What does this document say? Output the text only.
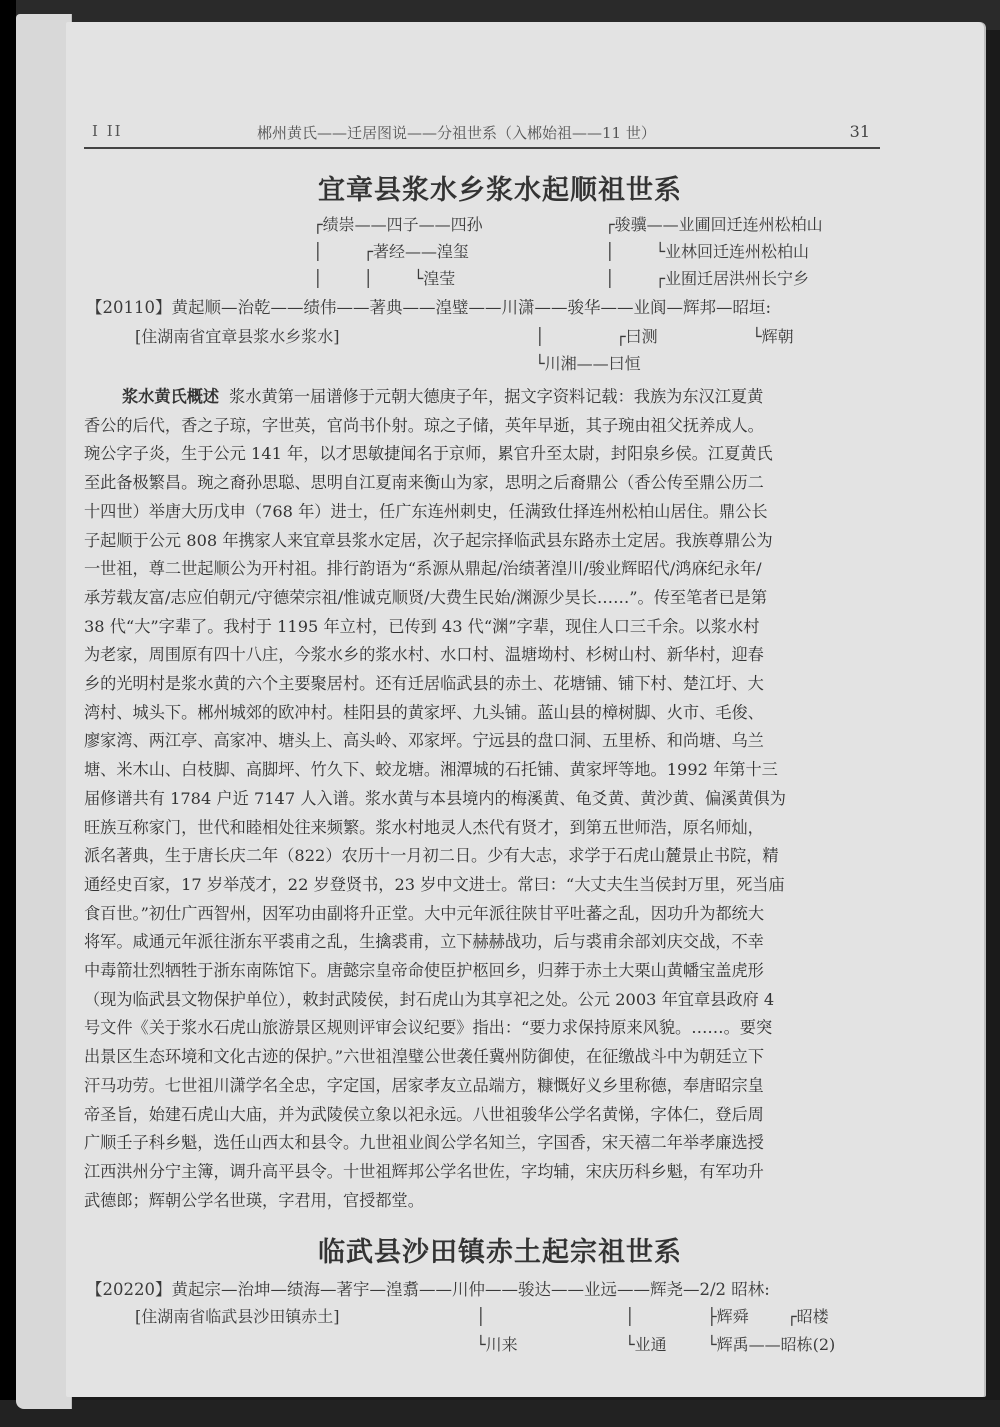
I II	郴州黄氏——迁居图说——分祖世系（入郴始祖——11 世）	31
宜章县浆水乡浆水起顺祖世系
┌绩崇——四子——四孙
│        ┌著经——湟玺
│        │        └湟莹
┌骏骥——业圃回迁连州松柏山
│        └业林回迁连州松柏山
│        ┌业囿迁居洪州长宁乡
【20110】黄起顺—治乾——绩伟——著典——湟璧——川潇——骏华——业阆—辉邦—昭垣:
[住湖南省宜章县浆水乡浆水]	│	┌曰测	└辉朝
└川湘——曰恒
浆水黄氏概述 浆水黄第一届谱修于元朝大德庚子年，据文字资料记载：我族为东汉江夏黄
香公的后代，香之子琼，字世英，官尚书仆射。琼之子储，英年早逝，其子琬由祖父抚养成人。
琬公字子炎，生于公元 141 年，以才思敏捷闻名于京师，累官升至太尉，封阳泉乡侯。江夏黄氏
至此备极繁昌。琬之裔孙思聪、思明自江夏南来衡山为家，思明之后裔鼎公（香公传至鼎公历二
十四世）举唐大历戊申（768 年）进士，任广东连州刺史，任满致仕择连州松柏山居住。鼎公长
子起顺于公元 808 年携家人来宜章县浆水定居，次子起宗择临武县东路赤土定居。我族尊鼎公为
一世祖，尊二世起顺公为开村祖。排行韵语为“系源从鼎起/治绩著湟川/骏业辉昭代/鸿庥纪永年/
承芳载友富/志应伯朝元/守德荣宗祖/惟诚克顺贤/大费生民始/渊源少昊长……”。传至笔者已是第
38 代“大”字辈了。我村于 1195 年立村，已传到 43 代“渊”字辈，现住人口三千余。以浆水村
为老家，周围原有四十八庄，今浆水乡的浆水村、水口村、温塘坳村、杉树山村、新华村，迎春
乡的光明村是浆水黄的六个主要聚居村。还有迁居临武县的赤土、花塘铺、铺下村、楚江圩、大
湾村、城头下。郴州城郊的欧冲村。桂阳县的黄家坪、九头铺。蓝山县的樟树脚、火市、毛俊、
廖家湾、两江亭、高家冲、塘头上、高头岭、邓家坪。宁远县的盘口洞、五里桥、和尚塘、乌兰
塘、米木山、白枝脚、高脚坪、竹久下、蛟龙塘。湘潭城的石托铺、黄家坪等地。1992 年第十三
届修谱共有 1784 户近 7147 人入谱。浆水黄与本县境内的梅溪黄、龟爻黄、黄沙黄、偏溪黄俱为
旺族互称家门，世代和睦相处往来频繁。浆水村地灵人杰代有贤才，到第五世师浩，原名师灿，
派名著典，生于唐长庆二年（822）农历十一月初二日。少有大志，求学于石虎山麓景止书院，精
通经史百家，17 岁举茂才，22 岁登贤书，23 岁中文进士。常曰：“大丈夫生当侯封万里，死当庙
食百世。”初仕广西智州，因军功由副将升正堂。大中元年派往陕甘平吐蕃之乱，因功升为都统大
将军。咸通元年派往浙东平裘甫之乱，生擒裘甫，立下赫赫战功，后与裘甫余部刘庆交战，不幸
中毒箭壮烈牺牲于浙东南陈馆下。唐懿宗皇帝命使臣护柩回乡，归葬于赤土大栗山黄幡宝盖虎形
（现为临武县文物保护单位），敕封武陵侯，封石虎山为其享祀之处。公元 2003 年宜章县政府 4
号文件《关于浆水石虎山旅游景区规则评审会议纪要》指出：“要力求保持原来风貌。……。要突
出景区生态环境和文化古迹的保护。”六世祖湟璧公世袭任冀州防御使，在征缴战斗中为朝廷立下
汗马功劳。七世祖川潇学名全忠，字定国，居家孝友立品端方，糠慨好义乡里称德，奉唐昭宗皇
帝圣旨，始建石虎山大庙，并为武陵侯立象以祀永远。八世祖骏华公学名黄悌，字体仁，登后周
广顺壬子科乡魁，选任山西太和县令。九世祖业阆公学名知兰，字国香，宋天禧二年举孝廉选授
江西洪州分宁主簿，调升高平县令。十世祖辉邦公学名世佐，字均辅，宋庆历科乡魁，有军功升
武德郎；辉朝公学名世瑛，字君用，官授都堂。
临武县沙田镇赤土起宗祖世系
【20220】黄起宗—治坤—绩海—著宇—湟翥——川仲——骏达——业远——辉尧—2/2 昭林:
[住湖南省临武县沙田镇赤土]	│	│	├辉舜 ┌昭楼
└川来	└业通	└辉禹——昭栋(2)
